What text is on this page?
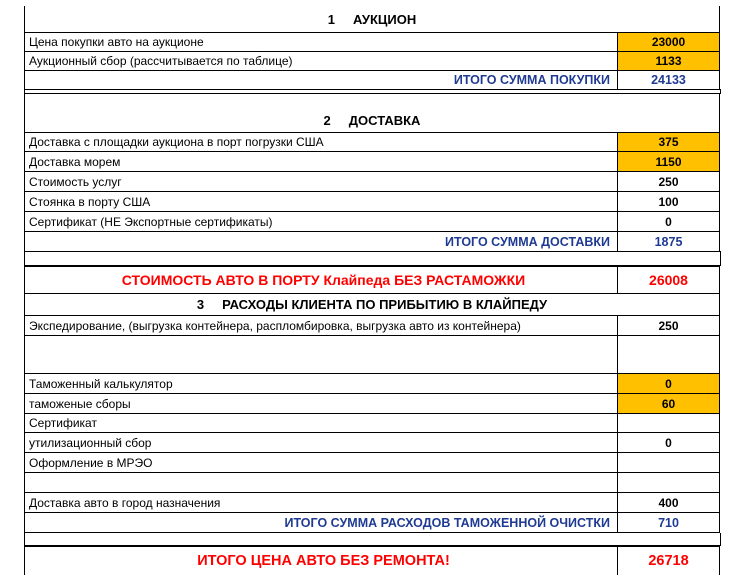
1 АУКЦИОН
Цена покупки авто на аукционе	23000
Аукционный сбор (рассчитывается по таблице)	1133
ИТОГО СУММА ПОКУПКИ	24133
2 ДОСТАВКА
Доставка с площадки аукциона в порт погрузки США	375
Доставка морем	1150
Стоимость услуг	250
Стоянка в порту США	100
Сертификат (НЕ Экспортные сертификаты)	0
ИТОГО СУММА ДОСТАВКИ	1875
СТОИМОСТЬ АВТО В ПОРТУ Клайпеда БЕЗ РАСТАМОЖКИ	26008
3 РАСХОДЫ КЛИЕНТА ПО ПРИБЫТИЮ В КЛАЙПЕДУ
Экспедирование, (выгрузка контейнера, распломбировка, выгрузка авто из контейнера)	250
Таможенный калькулятор	0
таможеные сборы	60
Сертификат
утилизационный сбор	0
Оформление в МРЭО
Доставка авто в город назначения	400
ИТОГО СУММА РАСХОДОВ ТАМОЖЕННОЙ ОЧИСТКИ	710
ИТОГО ЦЕНА АВТО БЕЗ РЕМОНТА!	26718
